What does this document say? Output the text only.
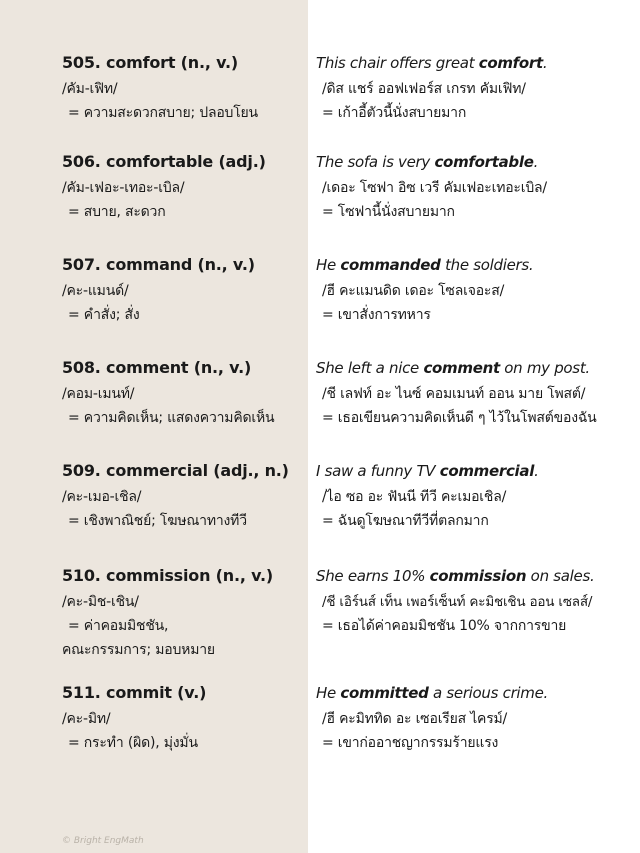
505. comfort (n., v.)
/คัม-เฟิท/
= ความสะดวกสบาย; ปลอบโยน
This chair offers great comfort.
/ดิส แชร์ ออฟเฟอร์ส เกรท คัมเฟิท/
= เก้าอี้ตัวนี้นั่งสบายมาก
506. comfortable (adj.)
/คัม-เฟอะ-เทอะ-เบิล/
= สบาย, สะดวก
The sofa is very comfortable.
/เดอะ โซฟา อิซ เวรี คัมเฟอะเทอะเบิล/
= โซฟานี้นั่งสบายมาก
507. command (n., v.)
/คะ-แมนด์/
= คำสั่ง; สั่ง
He commanded the soldiers.
/ฮี คะแมนดิด เดอะ โซลเจอะส/
= เขาสั่งการทหาร
508. comment (n., v.)
/คอม-เมนท์/
= ความคิดเห็น; แสดงความคิดเห็น
She left a nice comment on my post.
/ชี เลฟท์ อะ ไนซ์ คอมเมนท์ ออน มาย โพสต์/
= เธอเขียนความคิดเห็นดี ๆ ไว้ในโพสต์ของฉัน
509. commercial (adj., n.)
/คะ-เมอ-เชิล/
= เชิงพาณิชย์; โฆษณาทางทีวี
I saw a funny TV commercial.
/ไอ ซอ อะ ฟันนี ทีวี คะเมอเชิล/
= ฉันดูโฆษณาทีวีที่ตลกมาก
510. commission (n., v.)
/คะ-มิช-เชิน/
= ค่าคอมมิชชัน,
คณะกรรมการ; มอบหมาย
She earns 10% commission on sales.
/ชี เอิร์นส์ เท็น เพอร์เซ็นท์ คะมิชเชิน ออน เซลส์/
= เธอได้ค่าคอมมิชชัน 10% จากการขาย
511. commit (v.)
/คะ-มิท/
= กระทำ (ผิด), มุ่งมั่น
He committed a serious crime.
/ฮี คะมิททิด อะ เซอเรียส ไครม์/
= เขาก่ออาชญากรรมร้ายแรง
© Bright EngMath
